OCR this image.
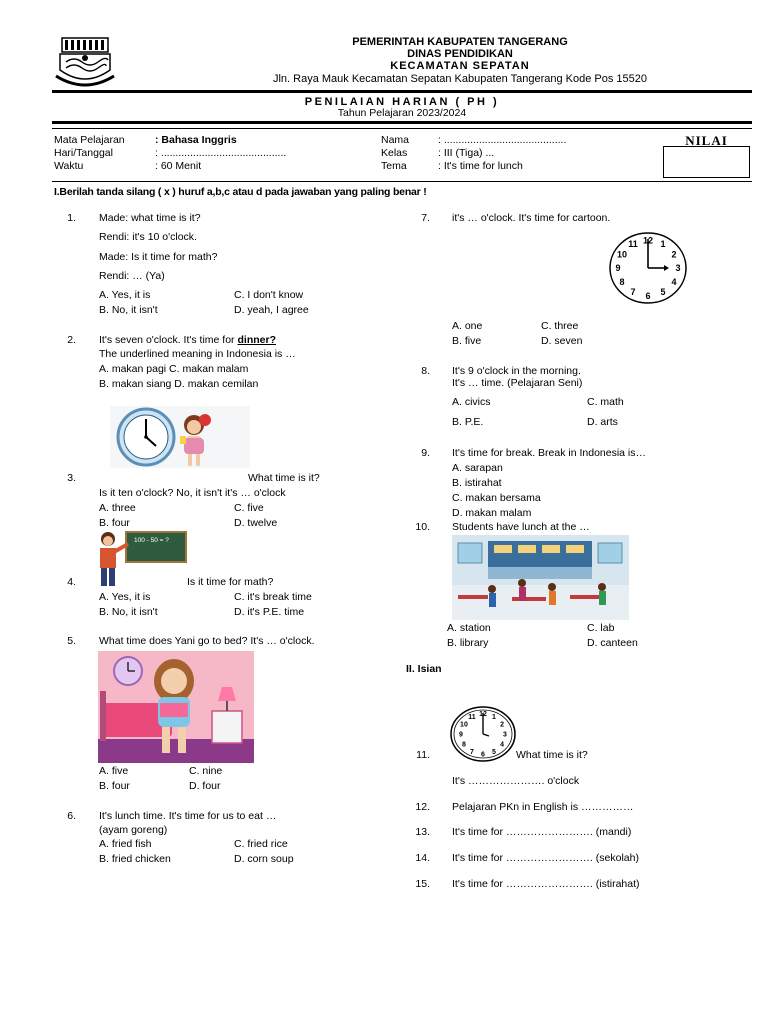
PEMERINTAH KABUPATEN TANGERANG
DINAS PENDIDIKAN
KECAMATAN SEPATAN
Jln. Raya Mauk Kecamatan Sepatan Kabupaten Tangerang Kode Pos 15520
PENILAIAN HARIAN ( PH )
Tahun Pelajaran 2023/2024
Mata Pelajaran	: Bahasa Inggris
Hari/Tanggal	: ...........................................
Waktu	: 60 Menit
Nama	: ..........................................
Kelas	: III (Tiga) ...
Tema	: It's time for lunch
NILAI
I.Berilah tanda silang ( x ) huruf a,b,c atau d pada jawaban yang paling benar !
1. Made: what time is it?
Rendi: it's 10 o'clock.
Made: Is it time for math?
Rendi: … (Ya)
A. Yes, it is	C. I don't know
B. No, it isn't	D. yeah, I agree
2. It's seven o'clock. It's time for dinner?
The underlined meaning in Indonesia is …
A. makan pagi C. makan malam
B. makan siang D. makan cemilan
3.	What time is it?
Is it ten o'clock? No, it isn't it's … o'clock
A. three	C. five
B. four	D. twelve
100 - 50 = ?
4.	Is it time for math?
A. Yes, it is	C. it's break time
B. No, it isn't	D. it's P.E. time
5. What time does Yani go to bed? It's … o'clock.
A. five	C. nine
B. four	D. four
6. It's lunch time. It's time for us to eat …
(ayam goreng)
A. fried fish	C. fried rice
B. fried chicken	D. corn soup
7. it's … o'clock. It's time for cartoon.
12 1
2
3
4
5
6
7
8
9
10
11
A. one	C. three
B. five	D. seven
8. It's 9 o'clock in the morning.
It's … time. (Pelajaran Seni)
A. civics	C. math
B. P.E.	D. arts
9. It's time for break. Break in Indonesia is…
A. sarapan
B. istirahat
C. makan bersama
D. makan malam
10. Students have lunch at the …
A. station	C. lab
B. library	D. canteen
II. Isian
12 1
2
3
4
5
6
7
8
9
10
11
11.	What time is it?
It's …………………. o'clock
12. Pelajaran PKn in English is ……………
13. It's time for ……………………. (mandi)
14. It's time for ……………………. (sekolah)
15. It's time for ……………………. (istirahat)
